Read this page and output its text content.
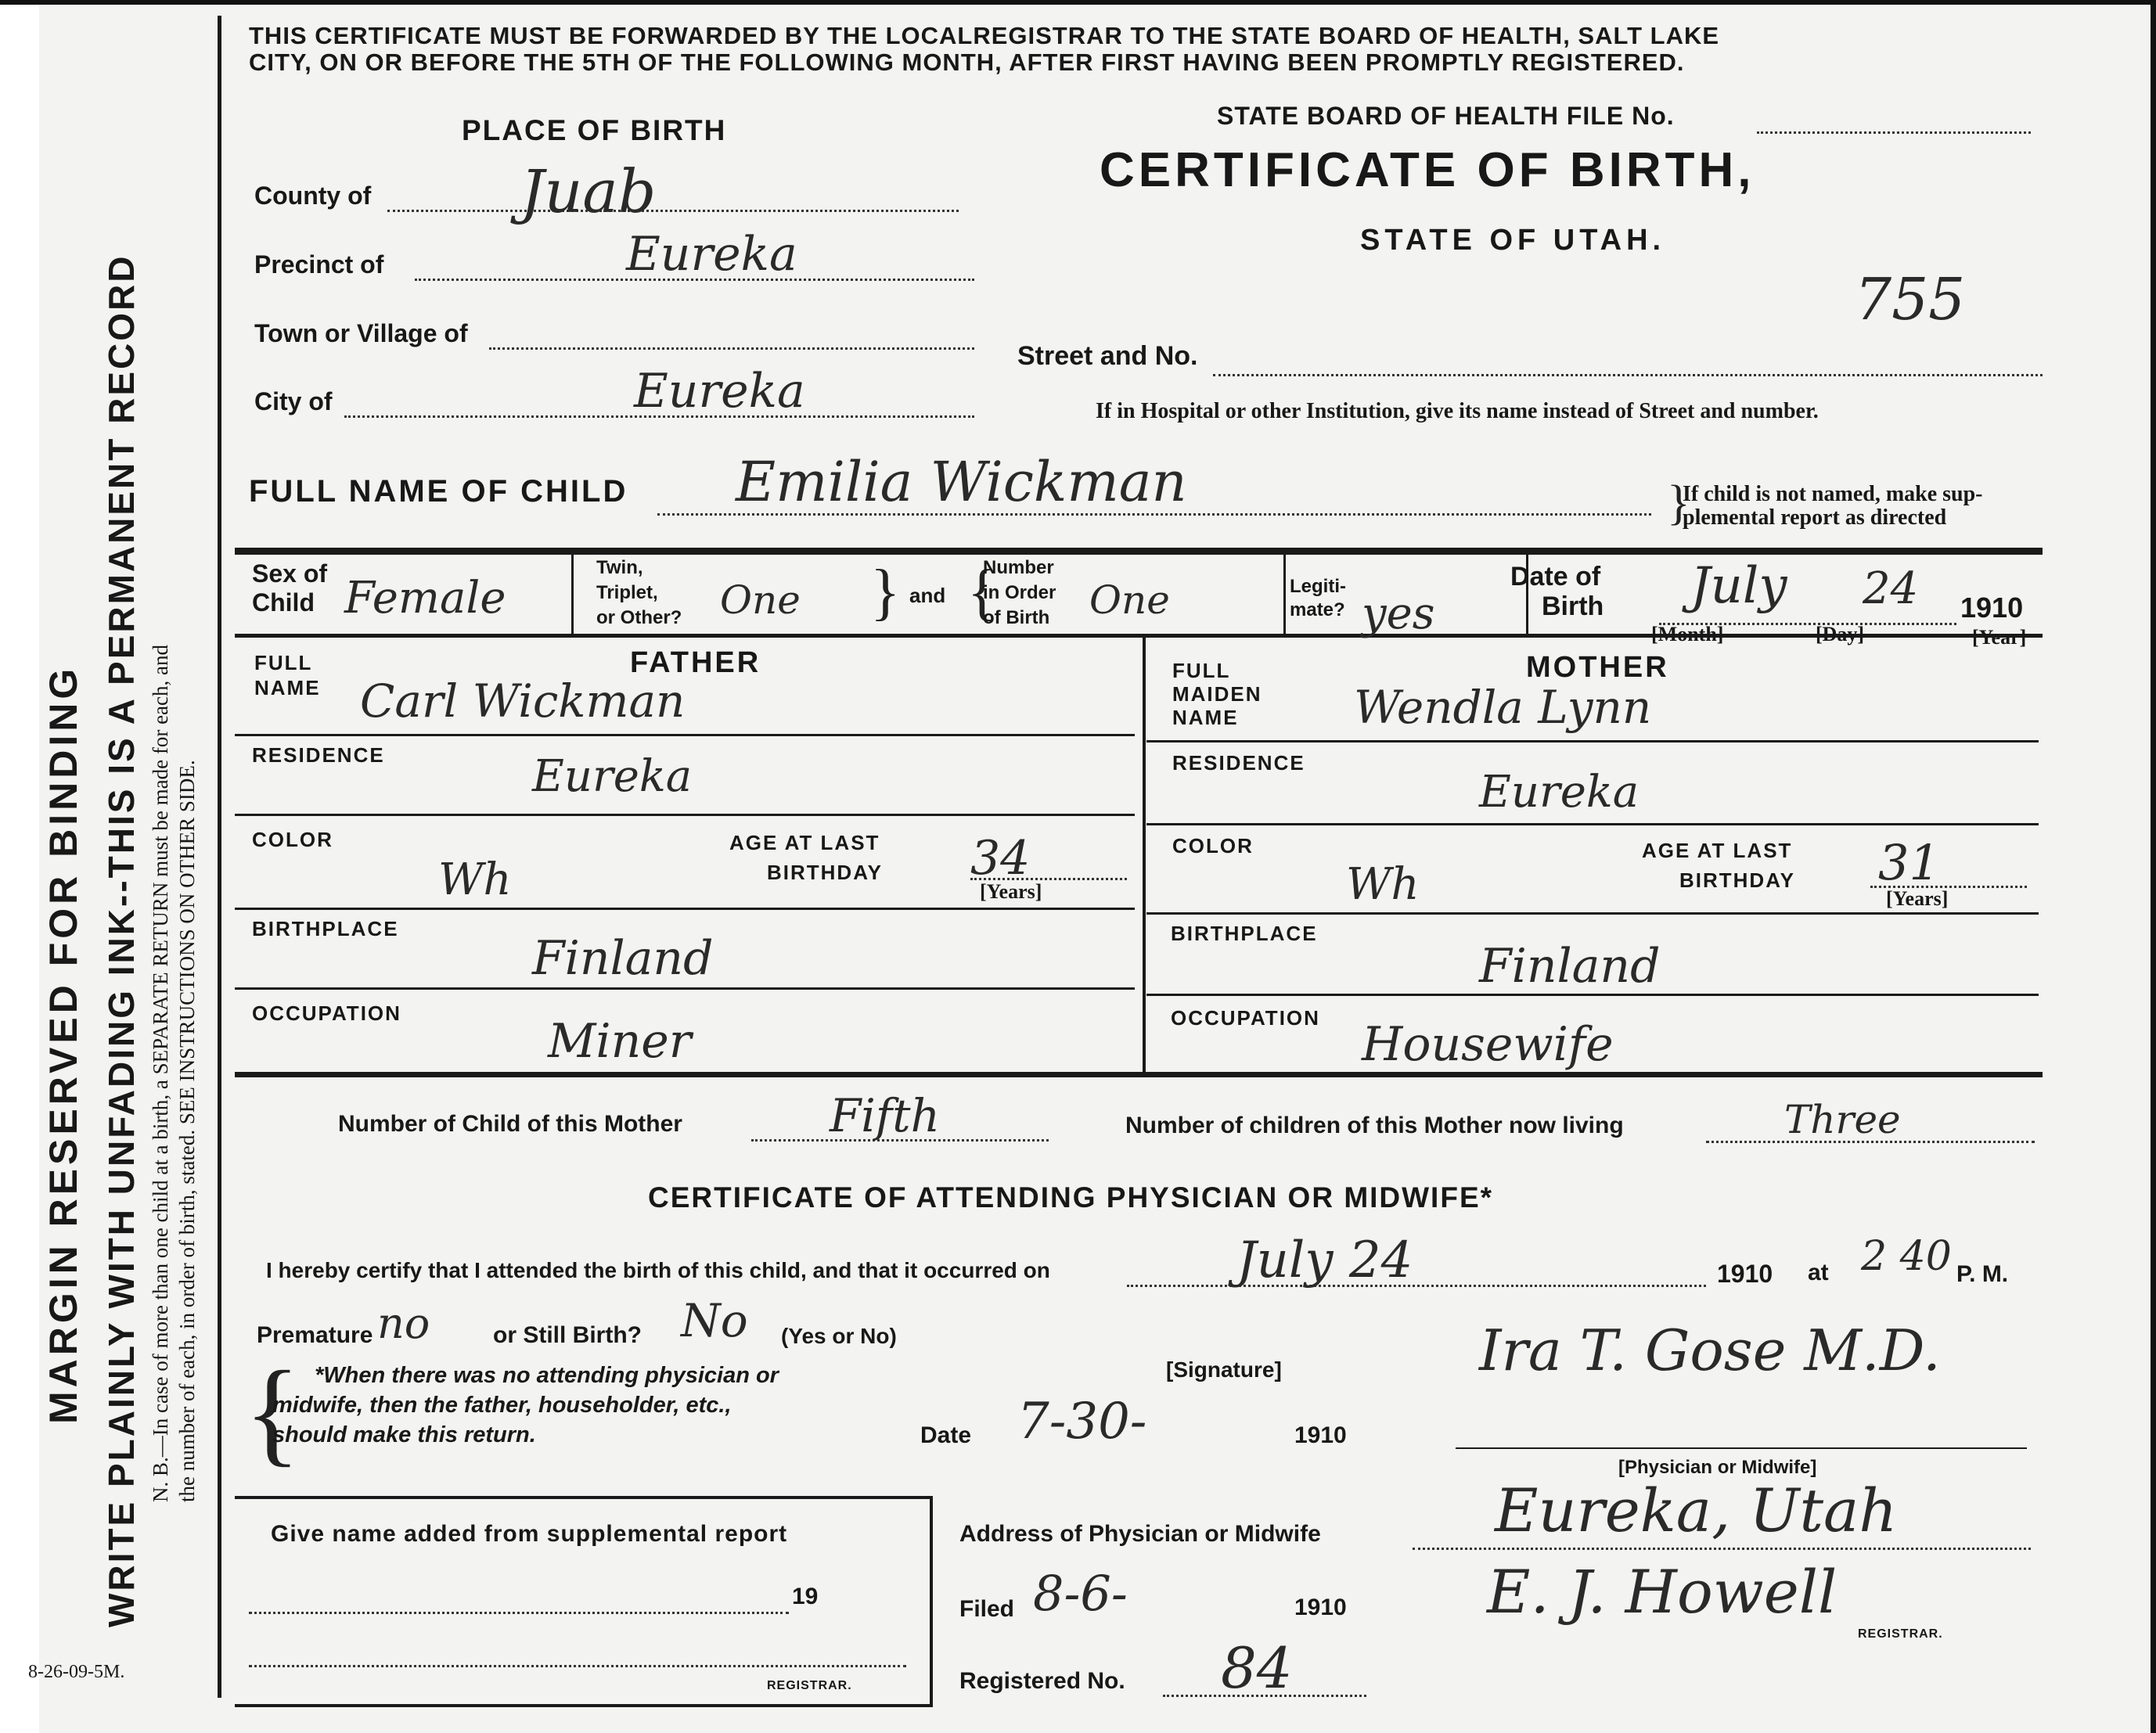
MARGIN RESERVED FOR BINDING WRITE PLAINLY WITH UNFADING INK--THIS IS A PERMANENT RECORD N. B.—In case of more than one child at a birth, a SEPARATE RETURN must be made for each, and the number of each, in order of birth, stated. SEE INSTRUCTIONS ON OTHER SIDE.
THIS CERTIFICATE MUST BE FORWARDED BY THE LOCALREGISTRAR TO THE STATE BOARD OF HEALTH, SALT LAKE
CITY, ON OR BEFORE THE 5TH OF THE FOLLOWING MONTH, AFTER FIRST HAVING BEEN PROMPTLY REGISTERED.
PLACE OF BIRTH	STATE BOARD OF HEALTH FILE No.
CERTIFICATE OF BIRTH,
STATE OF UTAH.
755
County of	Juab
Precinct of	Eureka
Town or Village of
City of	Eureka
Street and No.
If in Hospital or other Institution, give its name instead of Street and number.
FULL NAME OF CHILD Emilia Wickman	}
If child is not named, make sup-
plemental report as directed
Sex of
Child Female
Twin,
Triplet,
or Other? One } and {
Number
in Order
of Birth One	Legiti-
mate? yes
Date of
Birth July 24 1910
[Month]	[Day]	[Year]
FATHER
FULL
NAME Carl Wickman
RESIDENCE	Eureka
COLOR
Wh
AGE AT LAST
BIRTHDAY 34
[Years]
BIRTHPLACE
Finland
OCCUPATION
Miner
MOTHER
FULL
MAIDEN
NAME	Wendla Lynn
RESIDENCE
Eureka
COLOR
Wh
AGE AT LAST
BIRTHDAY 31
[Years]
BIRTHPLACE
Finland
OCCUPATION Housewife
Number of Child of this Mother	Fifth	Number of children of this Mother now living	Three
CERTIFICATE OF ATTENDING PHYSICIAN OR MIDWIFE*
I hereby certify that I attended the birth of this child, and that it occurred on	July 24	1910 at 2 40 P. M.
Premature no	or Still Birth? No (Yes or No)
{ *When there was no attending physician or
midwife, then the father, householder, etc.,
should make this return.
[Signature]	Ira T. Gose M.D.
Date 7-30-	1910
[Physician or Midwife]
Address of Physician or Midwife	Eureka, Utah
Give name added from supplemental report
19
REGISTRAR.
Filed 8-6-	1910 E. J. Howell
REGISTRAR.
Registered No. 84
8-26-09-5M.
